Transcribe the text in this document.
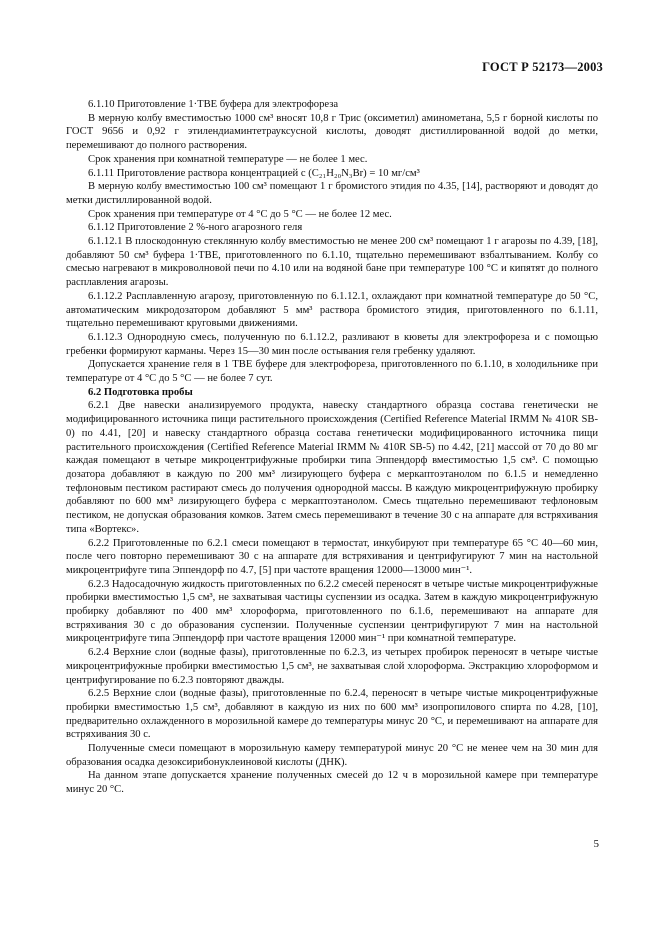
ГОСТ Р 52173—2003

6.1.10 Приготовление 1·TBE буфера для электрофореза

В мерную колбу вместимостью 1000 см³ вносят 10,8 г Трис (оксиметил) аминометана, 5,5 г борной кислоты по ГОСТ 9656 и 0,92 г этилендиаминтетрауксусной кислоты, доводят дистиллированной водой до метки, перемешивают до полного растворения.

Срок хранения при комнатной температуре — не более 1 мес.

6.1.11 Приготовление раствора концентрацией c (C₂₁H₂₀N₃Br) = 10 мг/см³

В мерную колбу вместимостью 100 см³ помещают 1 г бромистого этидия по 4.35, [14], растворяют и доводят до метки дистиллированной водой.

Срок хранения при температуре от 4 °С до 5 °С — не более 12 мес.

6.1.12 Приготовление 2 %-ного агарозного геля

6.1.12.1 В плоскодонную стеклянную колбу вместимостью не менее 200 см³ помещают 1 г агарозы по 4.39, [18], добавляют 50 см³ буфера 1·TBE, приготовленного по 6.1.10, тщательно перемешивают взбалтыванием. Колбу со смесью нагревают в микроволновой печи по 4.10 или на водяной бане при температуре 100 °С и кипятят до полного расплавления агарозы.

6.1.12.2 Расплавленную агарозу, приготовленную по 6.1.12.1, охлаждают при комнатной температуре до 50 °С, автоматическим микродозатором добавляют 5 мм³ раствора бромистого этидия, приготовленного по 6.1.11, тщательно перемешивают круговыми движениями.

6.1.12.3 Однородную смесь, полученную по 6.1.12.2, разливают в кюветы для электрофореза и с помощью гребенки формируют карманы. Через 15—30 мин после остывания геля гребенку удаляют.

Допускается хранение геля в 1 TBE буфере для электрофореза, приготовленного по 6.1.10, в холодильнике при температуре от 4 °С до 5 °С — не более 7 сут.

6.2 Подготовка пробы

6.2.1 Две навески анализируемого продукта, навеску стандартного образца состава генетически не модифицированного источника пищи растительного происхождения (Certified Reference Material IRMM № 410R SB-0) по 4.41, [20] и навеску стандартного образца состава генетически модифицированного источника пищи растительного происхождения (Certified Reference Material IRMM № 410R SB-5) по 4.42, [21] массой от 70 до 80 мг каждая помещают в четыре микроцентрифужные пробирки типа Эппендорф вместимостью 1,5 см³. С помощью дозатора добавляют в каждую по 200 мм³ лизирующего буфера с меркаптоэтанолом по 6.1.5 и немедленно тефлоновым пестиком растирают смесь до получения однородной массы. В каждую микроцентрифужную пробирку добавляют по 600 мм³ лизирующего буфера с меркаптоэтанолом. Смесь тщательно перемешивают тефлоновым пестиком, не допуская образования комков. Затем смесь перемешивают в течение 30 с на аппарате для встряхивания типа «Вортекс».

6.2.2 Приготовленные по 6.2.1 смеси помещают в термостат, инкубируют при температуре 65 °С 40—60 мин, после чего повторно перемешивают 30 с на аппарате для встряхивания и центрифугируют 7 мин на настольной микроцентрифуге типа Эппендорф по 4.7, [5] при частоте вращения 12000—13000 мин⁻¹.

6.2.3 Надосадочную жидкость приготовленных по 6.2.2 смесей переносят в четыре чистые микроцентрифужные пробирки вместимостью 1,5 см³, не захватывая частицы суспензии из осадка. Затем в каждую микроцентрифужную пробирку добавляют по 400 мм³ хлороформа, приготовленного по 6.1.6, перемешивают на аппарате для встряхивания 30 с до образования суспензии. Полученные суспензии центрифугируют 7 мин на настольной микроцентрифуге типа Эппендорф при частоте вращения 12000 мин⁻¹ при комнатной температуре.

6.2.4 Верхние слои (водные фазы), приготовленные по 6.2.3, из четырех пробирок переносят в четыре чистые микроцентрифужные пробирки вместимостью 1,5 см³, не захватывая слой хлороформа. Экстракцию хлороформом и центрифугирование по 6.2.3 повторяют дважды.

6.2.5 Верхние слои (водные фазы), приготовленные по 6.2.4, переносят в четыре чистые микроцентрифужные пробирки вместимостью 1,5 см³, добавляют в каждую из них по 600 мм³ изопропилового спирта по 4.28, [10], предварительно охлажденного в морозильной камере до температуры минус 20 °С, и перемешивают на аппарате для встряхивания 30 с.

Полученные смеси помещают в морозильную камеру температурой минус 20 °С не менее чем на 30 мин для образования осадка дезоксирибонуклеиновой кислоты (ДНК).

На данном этапе допускается хранение полученных смесей до 12 ч в морозильной камере при температуре минус 20 °С.

5
